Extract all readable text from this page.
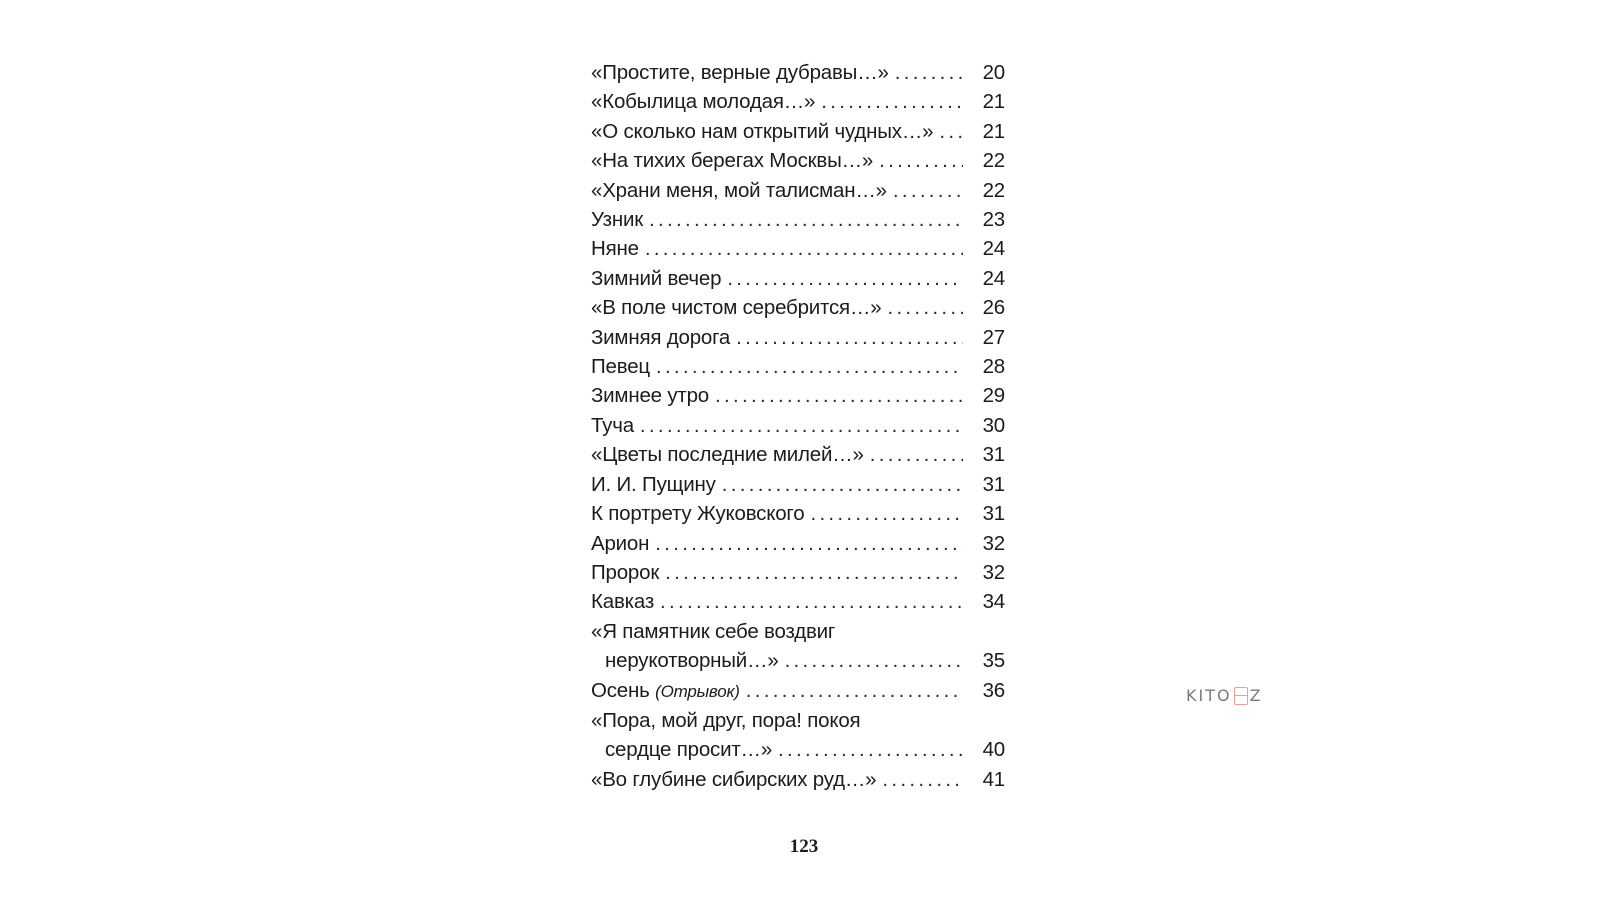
«Простите, верные дубравы…» . . .	20
«Кобылица молодая…» . . .	21
«О сколько нам открытий чудных…» . . .	21
«На тихих берегах Москвы…» . . .	22
«Храни меня, мой талисман…» . . .	22
Узник . . .	23
Няне . . .	24
Зимний вечер . . .	24
«В поле чистом серебрится…» . . .	26
Зимняя дорога . . .	27
Певец . . .	28
Зимнее утро . . .	29
Туча . . .	30
«Цветы последние милей…» . . .	31
И. И. Пущину . . .	31
К портрету Жуковского . . .	31
Арион . . .	32
Пророк . . .	32
Кавказ . . .	34
«Я памятник себе воздвиг
нерукотворный…» . . .	35
Осень (Отрывок) . . .	36
«Пора, мой друг, пора! покоя
сердце просит…» . . .	40
«Во глубине сибирских руд…» . . .	41
123
KITO Z
